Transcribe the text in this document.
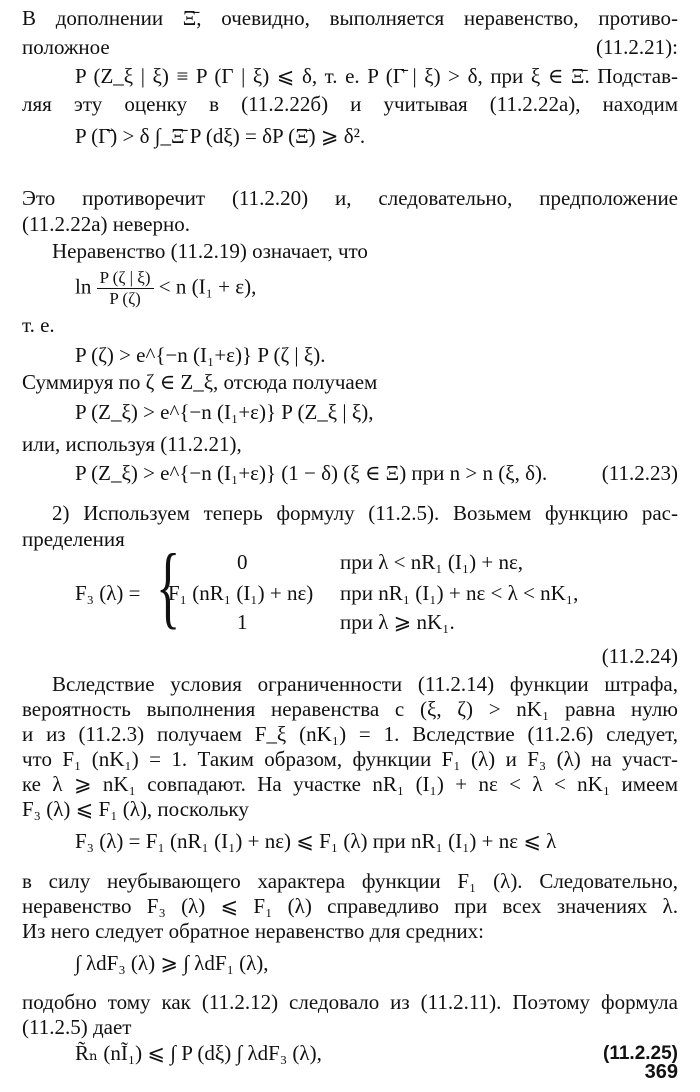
В дополнении Ξ̄, очевидно, выполняется неравенство, противо-
положное (11.2.21):
P (Z_ξ | ξ) ≡ P (Γ | ξ) ⩽ δ, т. е. P (Γ̄ | ξ) > δ, при ξ ∈ Ξ̄. Подстав-
ляя эту оценку в (11.2.22б) и учитывая (11.2.22а), находим
P (Γ̄) > δ ∫_Ξ̄ P (dξ) = δP (Ξ̄) ⩾ δ².
Это противоречит (11.2.20) и, следовательно, предположение
(11.2.22а) неверно.
Неравенство (11.2.19) означает, что
$\ln \frac{P (\zeta | \xi)}{P (\zeta)} < n$ (I₁ + ε),
т. е.
P (ζ) > e^{−n (I₁+ε)} P (ζ | ξ).
Суммируя по ζ ∈ Z_ξ, отсюда получаем
P (Z_ξ) > e^{−n (I₁+ε)} P (Z_ξ | ξ),
или, используя (11.2.21),
P (Z_ξ) > e^{−n (I₁+ε)} (1 − δ) (ξ ∈ Ξ) при n > n (ξ, δ).	(11.2.23)
2) Используем теперь формулу (11.2.5). Возьмем функцию рас-
пределения
F₃ (λ) = {	0	при λ < nR₁ (I₁) + nε,
F₁ (nR₁ (I₁) + nε) при nR₁ (I₁) + nε < λ < nK₁,
1	при λ ⩾ nK₁.
(11.2.24)
Вследствие условия ограниченности (11.2.14) функции штрафа,
вероятность выполнения неравенства c (ξ, ζ) > nK₁ равна нулю
и из (11.2.3) получаем F_ξ (nK₁) = 1. Вследствие (11.2.6) следует,
что F₁ (nK₁) = 1. Таким образом, функции F₁ (λ) и F₃ (λ) на участ-
ке λ ⩾ nK₁ совпадают. На участке nR₁ (I₁) + nε < λ < nK₁ имеем
F₃ (λ) ⩽ F₁ (λ), поскольку
F₃ (λ) = F₁ (nR₁ (I₁) + nε) ⩽ F₁ (λ) при nR₁ (I₁) + nε ⩽ λ
в силу неубывающего характера функции F₁ (λ). Следовательно,
неравенство F₃ (λ) ⩽ F₁ (λ) справедливо при всех значениях λ.
Из него следует обратное неравенство для средних:
∫ λdF₃ (λ) ⩾ ∫ λdF₁ (λ),
подобно тому как (11.2.12) следовало из (11.2.11). Поэтому формула
(11.2.5) дает
R̃ₙ (nĨ₁) ⩽ ∫ P (dξ) ∫ λdF₃ (λ),	(11.2.25)
369
